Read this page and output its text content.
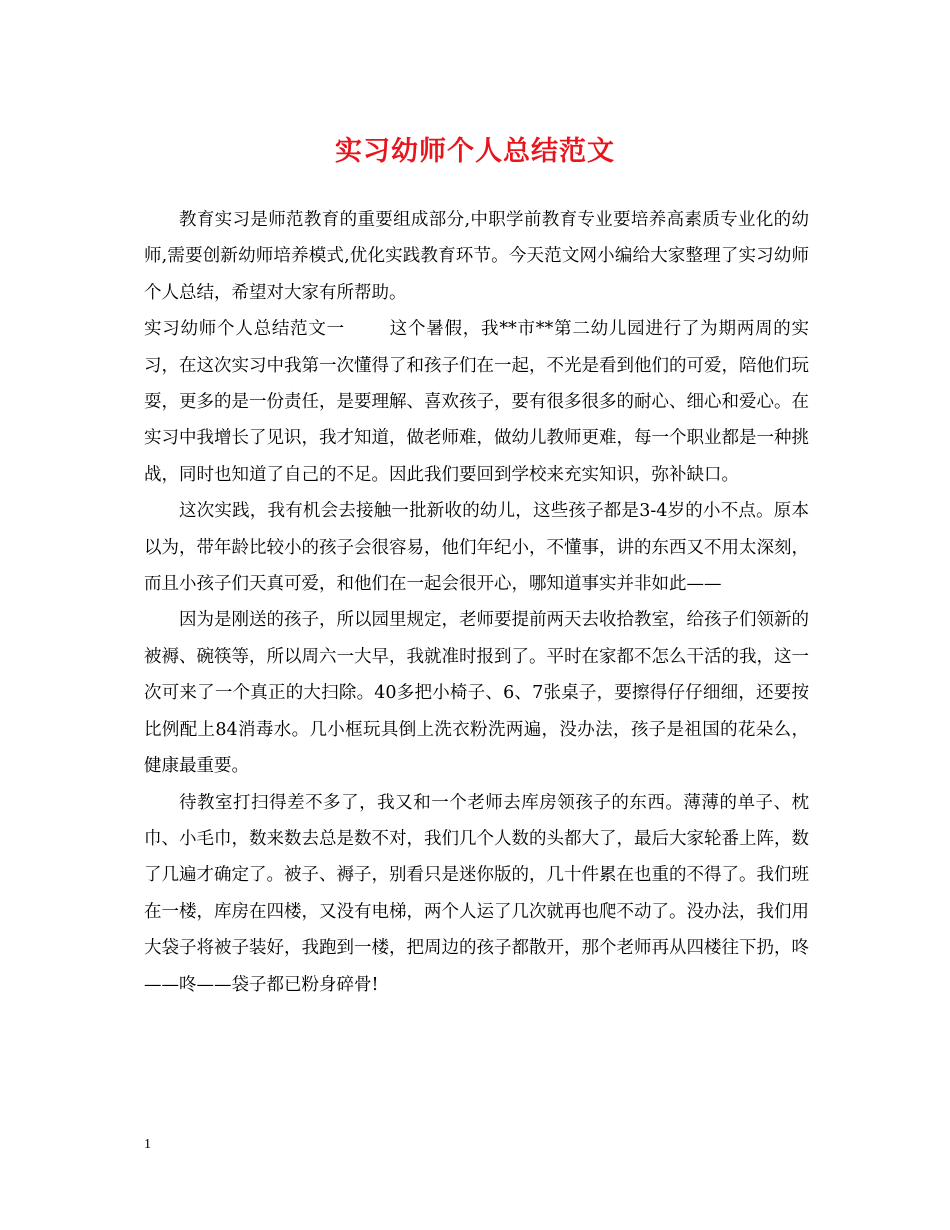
实习幼师个人总结范文

教育实习是师范教育的重要组成部分,中职学前教育专业要培养高素质专业化的幼师,需要创新幼师培养模式,优化实践教育环节。今天范文网小编给大家整理了实习幼师个人总结，希望对大家有所帮助。

实习幼师个人总结范文一	这个暑假，我**市**第二幼儿园进行了为期两周的实习，在这次实习中我第一次懂得了和孩子们在一起，不光是看到他们的可爱，陪他们玩耍，更多的是一份责任，是要理解、喜欢孩子，要有很多很多的耐心、细心和爱心。在实习中我增长了见识，我才知道，做老师难，做幼儿教师更难，每一个职业都是一种挑战，同时也知道了自己的不足。因此我们要回到学校来充实知识，弥补缺口。

这次实践，我有机会去接触一批新收的幼儿，这些孩子都是3-4岁的小不点。原本以为，带年龄比较小的孩子会很容易，他们年纪小，不懂事，讲的东西又不用太深刻，而且小孩子们天真可爱，和他们在一起会很开心，哪知道事实并非如此——

因为是刚送的孩子，所以园里规定，老师要提前两天去收拾教室，给孩子们领新的被褥、碗筷等，所以周六一大早，我就准时报到了。平时在家都不怎么干活的我，这一次可来了一个真正的大扫除。40多把小椅子、6、7张桌子，要擦得仔仔细细，还要按比例配上84消毒水。几小框玩具倒上洗衣粉洗两遍，没办法，孩子是祖国的花朵么，健康最重要。

待教室打扫得差不多了，我又和一个老师去库房领孩子的东西。薄薄的单子、枕巾、小毛巾，数来数去总是数不对，我们几个人数的头都大了，最后大家轮番上阵，数了几遍才确定了。被子、褥子，别看只是迷你版的，几十件累在也重的不得了。我们班在一楼，库房在四楼，又没有电梯，两个人运了几次就再也爬不动了。没办法，我们用大袋子将被子装好，我跑到一楼，把周边的孩子都散开，那个老师再从四楼往下扔，咚——咚——袋子都已粉身碎骨!

1
